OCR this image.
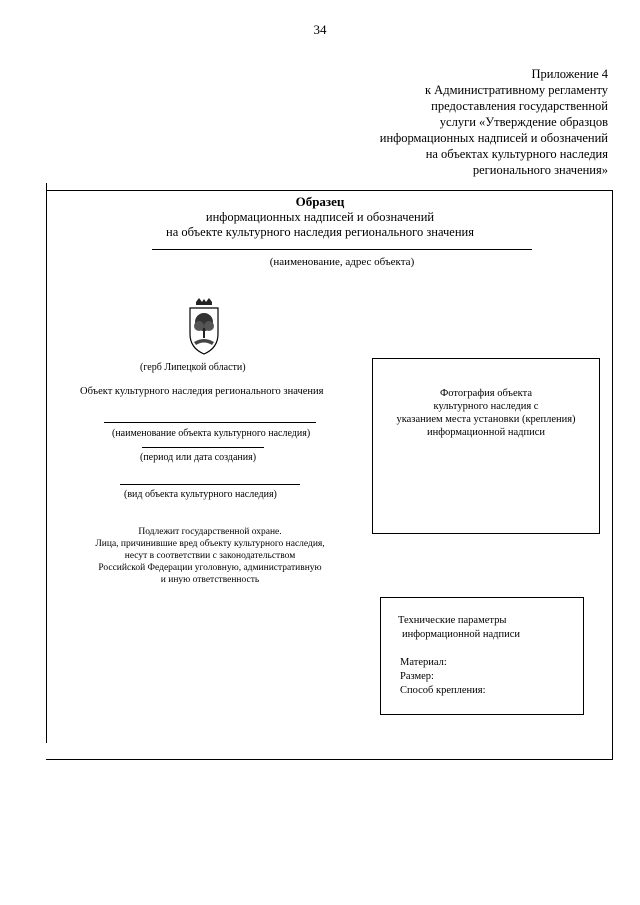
34
Приложение 4
к Административному регламенту
предоставления государственной
услуги «Утверждение образцов
информационных надписей и обозначений
на объектах культурного наследия
регионального значения»
Образец
информационных надписей и обозначений
на объекте культурного наследия регионального значения
(наименование, адрес объекта)
(герб Липецкой области)
Объект культурного наследия регионального значения
(наименование объекта культурного наследия)
(период или дата создания)
(вид объекта культурного наследия)
Подлежит государственной охране.
Лица, причинившие вред объекту культурного наследия,
несут в соответствии с законодательством
Российской Федерации уголовную, административную
и иную ответственность
Фотография объекта
культурного наследия с
указанием места установки (крепления)
информационной надписи
Технические параметры
информационной надписи
Материал:
Размер:
Способ крепления:
